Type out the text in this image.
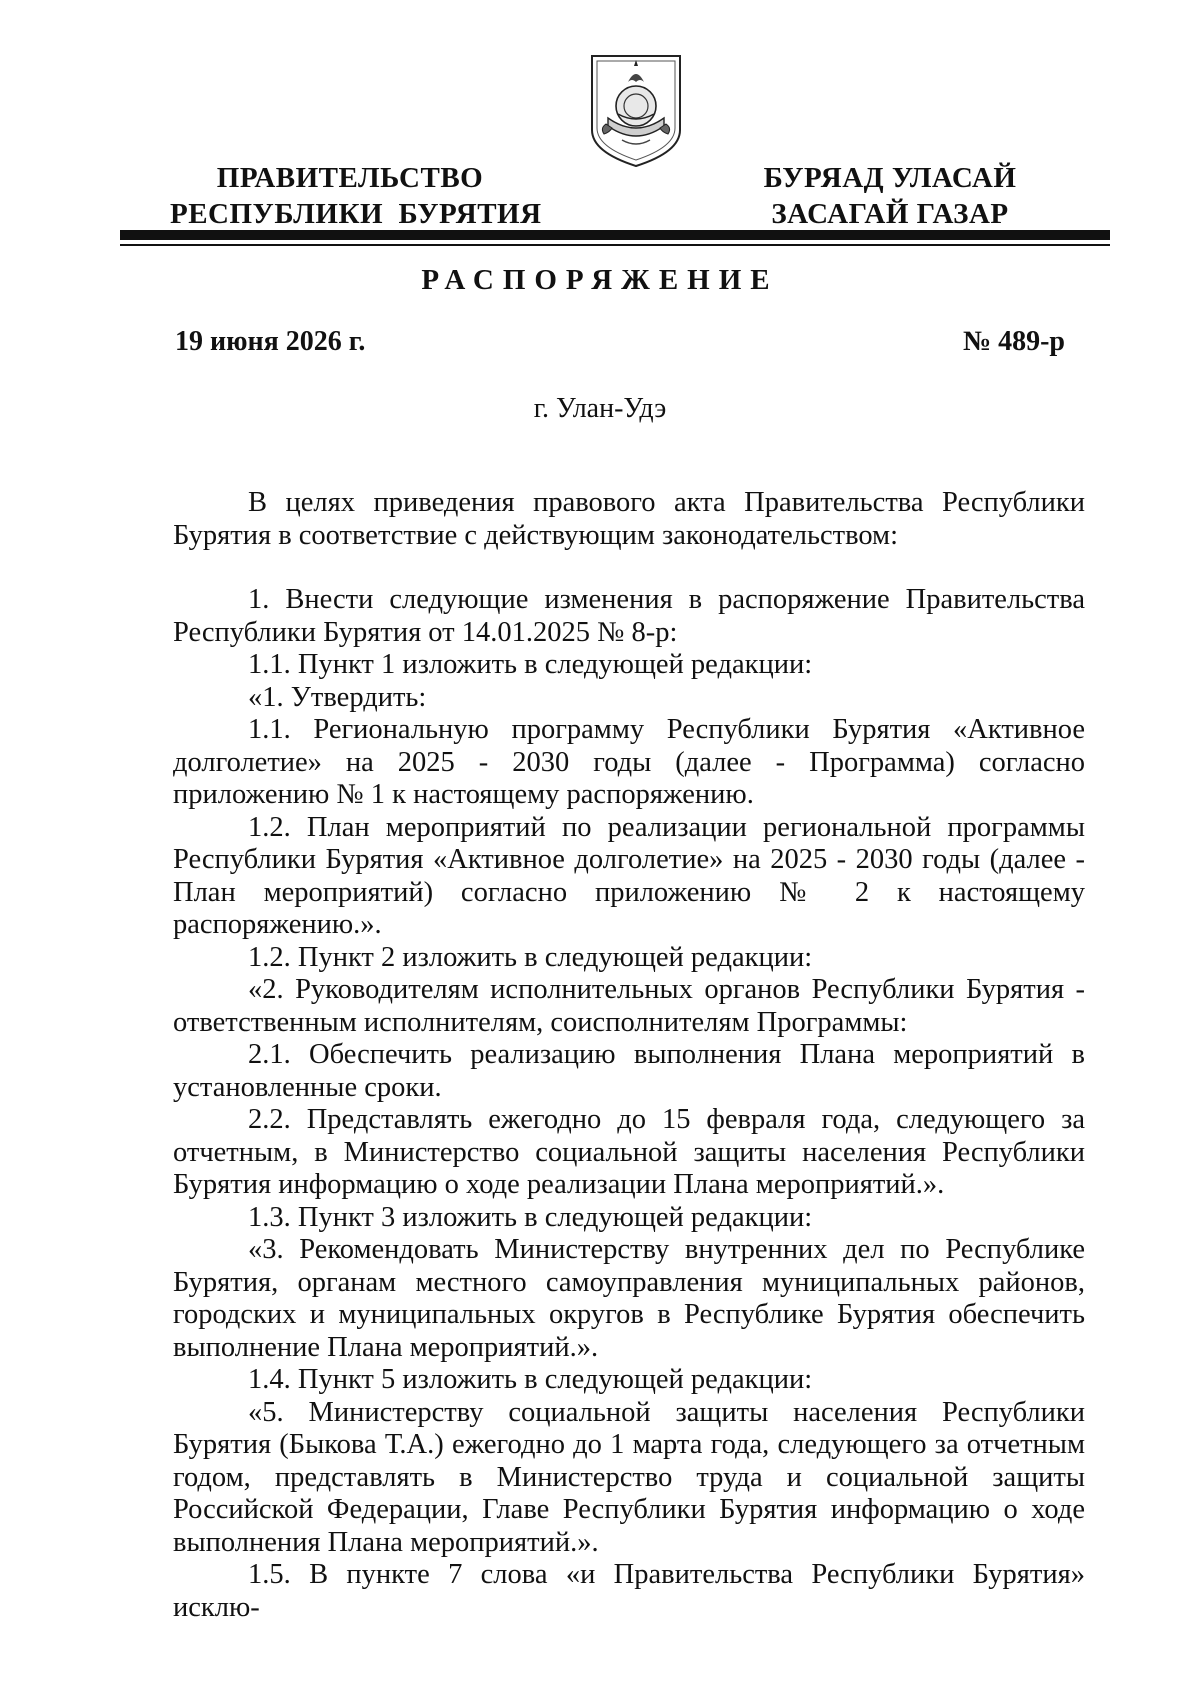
ПРАВИТЕЛЬСТВО
РЕСПУБЛИКИ  БУРЯТИЯ
БУРЯАД УЛАСАЙ
ЗАСАГАЙ ГАЗАР
РАСПОРЯЖЕНИЕ
19 июня 2026 г.	№ 489-р
г. Улан-Удэ

В целях приведения правового акта Правительства Республики Бурятия в соответствие с действующим законодательством:

1. Внести следующие изменения в распоряжение Правительства Республики Бурятия от 14.01.2025 № 8-р:

1.1. Пункт 1 изложить в следующей редакции:

«1. Утвердить:

1.1. Региональную программу Республики Бурятия «Активное долголетие» на 2025 - 2030 годы (далее - Программа) согласно приложению № 1 к настоящему распоряжению.

1.2. План мероприятий по реализации региональной программы Республики Бурятия «Активное долголетие» на 2025 - 2030 годы (далее - План мероприятий) согласно приложению № 2 к настоящему распоряжению.».

1.2. Пункт 2 изложить в следующей редакции:

«2. Руководителям исполнительных органов Республики Бурятия - ответственным исполнителям, соисполнителям Программы:

2.1. Обеспечить реализацию выполнения Плана мероприятий в установленные сроки.

2.2. Представлять ежегодно до 15 февраля года, следующего за отчетным, в Министерство социальной защиты населения Республики Бурятия информацию о ходе реализации Плана мероприятий.».

1.3. Пункт 3 изложить в следующей редакции:

«3. Рекомендовать Министерству внутренних дел по Республике Бурятия, органам местного самоуправления муниципальных районов, городских и муниципальных округов в Республике Бурятия обеспечить выполнение Плана мероприятий.».

1.4. Пункт 5 изложить в следующей редакции:

«5. Министерству социальной защиты населения Республики Бурятия (Быкова Т.А.) ежегодно до 1 марта года, следующего за отчетным годом, представлять в Министерство труда и социальной защиты Российской Федерации, Главе Республики Бурятия информацию о ходе выполнения Плана мероприятий.».

1.5. В пункте 7 слова «и Правительства Республики Бурятия» исклю-
